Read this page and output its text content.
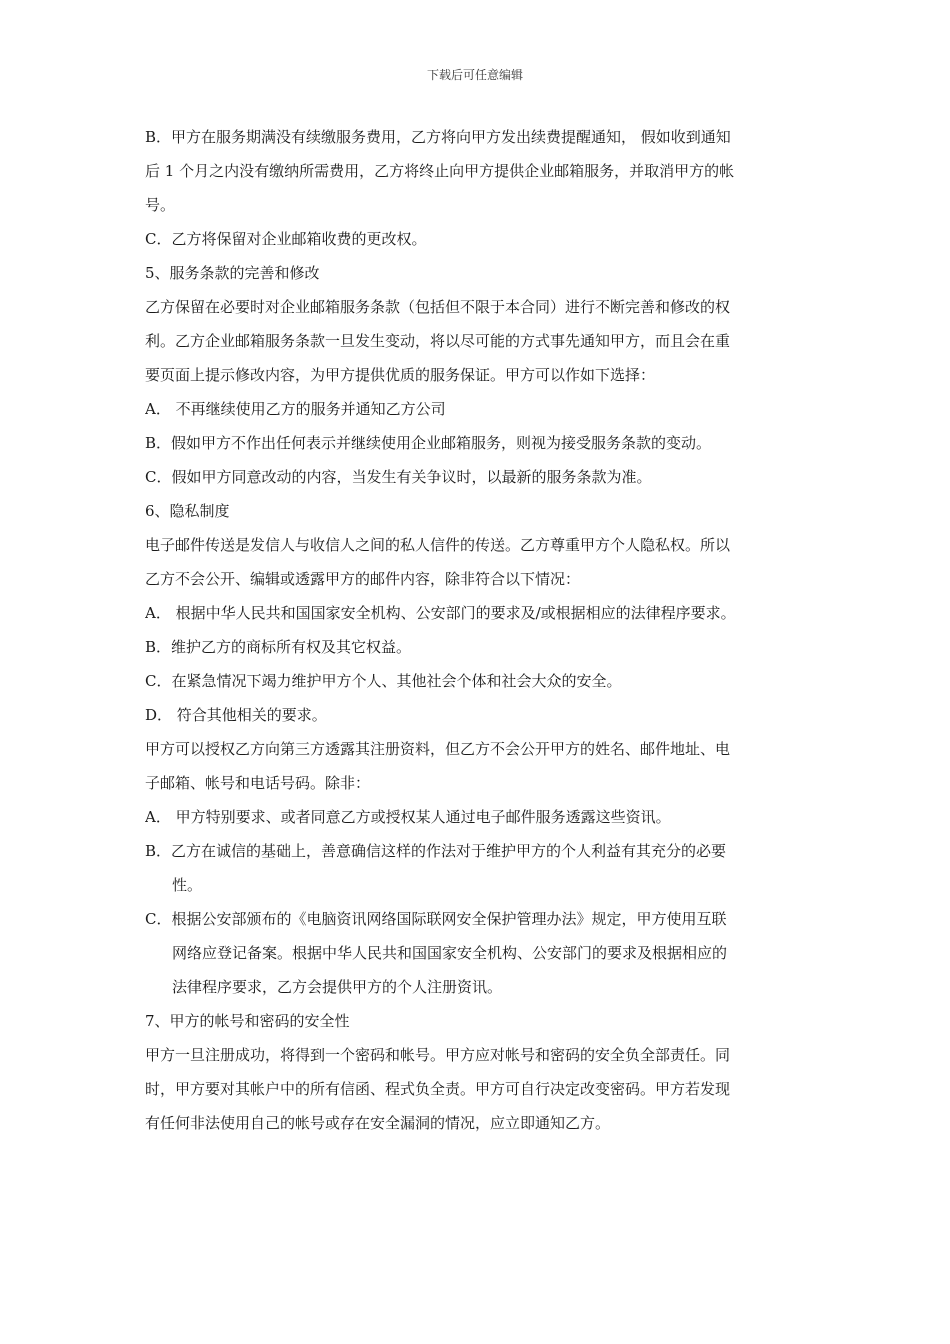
下载后可任意编辑
B．甲方在服务期满没有续缴服务费用，乙方将向甲方发出续费提醒通知， 假如收到通知
后 1 个月之内没有缴纳所需费用，乙方将终止向甲方提供企业邮箱服务，并取消甲方的帐
号。
C．乙方将保留对企业邮箱收费的更改权。
5、服务条款的完善和修改
乙方保留在必要时对企业邮箱服务条款（包括但不限于本合同）进行不断完善和修改的权
利。乙方企业邮箱服务条款一旦发生变动，将以尽可能的方式事先通知甲方，而且会在重
要页面上提示修改内容，为甲方提供优质的服务保证。甲方可以作如下选择：
A． 不再继续使用乙方的服务并通知乙方公司
B．假如甲方不作出任何表示并继续使用企业邮箱服务，则视为接受服务条款的变动。
C．假如甲方同意改动的内容，当发生有关争议时，以最新的服务条款为准。
6、隐私制度
电子邮件传送是发信人与收信人之间的私人信件的传送。乙方尊重甲方个人隐私权。所以
乙方不会公开、编辑或透露甲方的邮件内容，除非符合以下情况：
A． 根据中华人民共和国国家安全机构、公安部门的要求及/或根据相应的法律程序要求。
B．维护乙方的商标所有权及其它权益。
C．在紧急情况下竭力维护甲方个人、其他社会个体和社会大众的安全。
D． 符合其他相关的要求。
甲方可以授权乙方向第三方透露其注册资料，但乙方不会公开甲方的姓名、邮件地址、电
子邮箱、帐号和电话号码。除非：
A． 甲方特别要求、或者同意乙方或授权某人通过电子邮件服务透露这些资讯。
B．乙方在诚信的基础上，善意确信这样的作法对于维护甲方的个人利益有其充分的必要
性。
C．根据公安部颁布的《电脑资讯网络国际联网安全保护管理办法》规定，甲方使用互联
网络应登记备案。根据中华人民共和国国家安全机构、公安部门的要求及根据相应的
法律程序要求，乙方会提供甲方的个人注册资讯。
7、甲方的帐号和密码的安全性
甲方一旦注册成功，将得到一个密码和帐号。甲方应对帐号和密码的安全负全部责任。同
时，甲方要对其帐户中的所有信函、程式负全责。甲方可自行决定改变密码。甲方若发现
有任何非法使用自己的帐号或存在安全漏洞的情况，应立即通知乙方。
